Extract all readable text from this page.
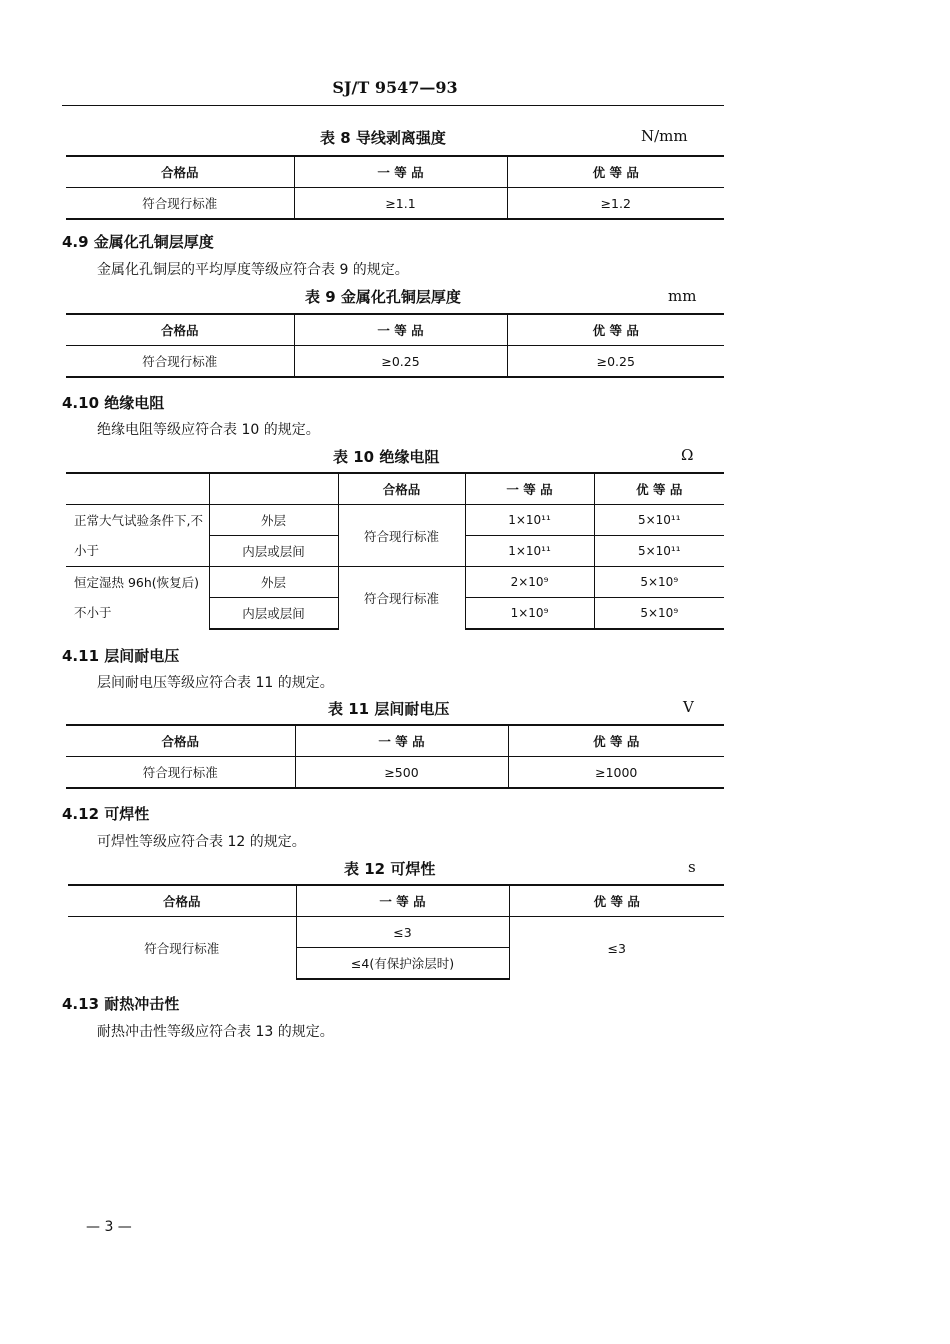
SJ/T 9547—93
表 8 导线剥离强度	N/mm
合格品	一 等 品	优 等 品
符合现行标准	≥1.1	≥1.2
4.9 金属化孔铜层厚度
金属化孔铜层的平均厚度等级应符合表 9 的规定。
表 9 金属化孔铜层厚度	mm
合格品	一 等 品	优 等 品
符合现行标准	≥0.25	≥0.25
4.10 绝缘电阻
绝缘电阻等级应符合表 10 的规定。
表 10 绝缘电阻	Ω
		合格品	一 等 品	优 等 品
正常大气试验条件下,不小于	外层	符合现行标准	1×10¹¹	5×10¹¹
	内层或层间		1×10¹¹	5×10¹¹
恒定湿热 96h(恢复后)不小于	外层	符合现行标准	2×10⁹	5×10⁹
	内层或层间		1×10⁹	5×10⁹
4.11 层间耐电压
层间耐电压等级应符合表 11 的规定。
表 11 层间耐电压	V
合格品	一 等 品	优 等 品
符合现行标准	≥500	≥1000
4.12 可焊性
可焊性等级应符合表 12 的规定。
表 12 可焊性	s
合格品	一 等 品	优 等 品
符合现行标准	≤3	≤3
	≤4(有保护涂层时)	
4.13 耐热冲击性
耐热冲击性等级应符合表 13 的规定。
— 3 —
